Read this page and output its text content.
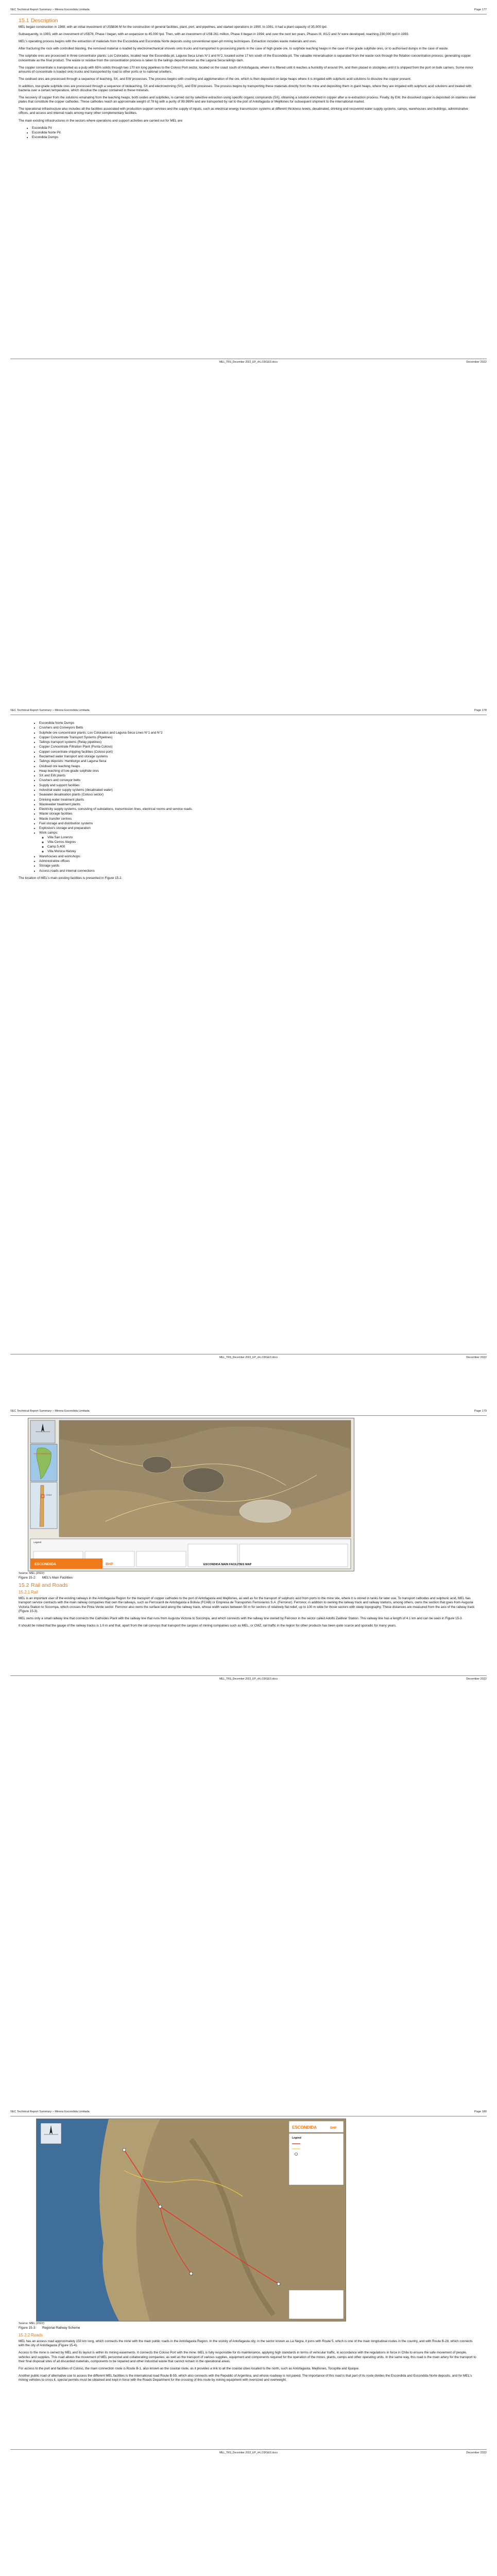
SEC Technical Report Summary – Minera Escondida Limitada	Page 177
15.1 Description

MEL began construction in 1988, with an initial investment of US$836 M for the construction of general facilities, plant, port, and pipelines, and started operations in 1990. In 1991, it had a plant capacity of 35,000 tpd.

Subsequently, in 1993, with an investment of US$76, Phase I began, with an expansion to 45,000 tpd. Then, with an investment of US$ 261 million, Phase II began in 1994; and over the next ten years, Phases III, III1/2 and IV were developed, reaching 230,000 tpd in 1993.

MEL's operating process begins with the extraction of materials from the Escondida and Escondida Norte deposits using conventional open-pit mining techniques. Extraction includes waste materials and ores.

After fracturing the rock with controlled blasting, the removed material is loaded by electromechanical shovels onto trucks and transported to processing plants in the case of high grade ore, to sulphide leaching heaps in the case of low grade sulphide ores, or to authorised dumps in the case of waste.

The sulphide ores are processed in three concentrator plants: Los Colorados, located near the Escondida pit, Laguna Seca Lines N°1 and N°2, located some 17 km south of the Escondida pit. The valuable mineralisation is separated from the waste rock through the flotation concentration process, generating copper concentrate as the final product. The waste or residue from the concentration process is taken to the tailings deposit known as the Laguna Seca tailings dam.

The copper concentrate is transported as a pulp with 65% solids through two 170 km long pipelines to the Coloso Port sector, located on the coast south of Antofagasta, where it is filtered until it reaches a humidity of around 9%, and then placed in stockpiles until it is shipped from the port on bulk carriers. Some minor amounts of concentrate is loaded onto trucks and transported by road to other ports or to national smelters.

The oxidised ores are processed through a sequence of leaching, SX, and EW processes. The process begins with crushing and agglomeration of the ore, which is then deposited on large heaps where it is irrigated with sulphuric acid solutions to dissolve the copper present.

In addition, low-grade sulphide ores are processed through a sequence of bioleaching, SX and electrowinning (SX), and EW processes. The process begins by transporting these materials directly from the mine and depositing them in giant heaps, where they are irrigated with sulphuric acid solutions and treated with bacteria over a certain temperature, which dissolve the copper contained in these minerals.

The recovery of copper from the solutions emanating from the leaching heaps, both oxides and sulphides, is carried out by selective extraction using specific organic compounds (SX), obtaining a solution enriched in copper after a re-extraction process. Finally, by EW, the dissolved copper is deposited on stainless steel plates that constitute the copper cathodes. These cathodes reach an approximate weight of 78 kg with a purity of 99.999% and are transported by rail to the port of Antofagasta or Mejillones for subsequent shipment to the international market.

The operational infrastructure also includes all the facilities associated with production support services and the supply of inputs, such as electrical energy transmission systems at different thickness levels, desalinated, drinking and recovered water supply systems, camps, warehouses and buildings, administrative offices, and access and internal roads among many other complementary facilities.

The main existing infrastructures in the sectors where operations and support activities are carried out for MEL are:

• Escondida Pit
• Escondida Norte Pit
• Escondida Dumps
MEL_TRS_December 2022_EP_rA.LODGED.docx	December 2022
SEC Technical Report Summary – Minera Escondida Limitada	Page 178
• Escondida Norte Dumps
• Crushers and Conveyors Belts
• Sulphide ore concentrator plants: Los Colorados and Laguna Seca Lines N°1 and N°2
• Copper Concentrate Transport Systems (Pipelines)
• Tailings transport systems (Relay pipelines)
• Copper Concentrate Filtration Plant (Punta Coloso)
• Copper concentrate shipping facilities (Coloso port)
• Reclaimed water transport and storage systems
• Tailings deposits: Hamburgo and Laguna Seca
• Oxidised ore leaching heaps
• Heap leaching of low-grade sulphide ores
• SX and EW plants
• Crushers and conveyor belts
• Supply and support facilities
• Industrial water supply systems (desalinated water)
• Seawater desalination plants (Coloso sector)
• Drinking water treatment plants
• Wastewater treatment plants
• Electricity supply systems, consisting of substations, transmission lines, electrical rooms and service roads.
• Waste storage facilities
• Waste transfer centres
• Fuel storage and distribution systems
• Explosive's storage and preparation
• Work camps:
◦ Villa San Lorenzo
◦ Villa Cerros Alegres
◦ Camp 5,400
◦ Villa Monica Harvey
• Warehouses and workshops:
• Administrative offices
• Storage yards
• Access roads and internal connections

The location of MEL's main existing facilities is presented in Figure 15-2.

MEL_TRS_December 2022_EP_rA.LODGED.docx	December 2022
SEC Technical Report Summary – Minera Escondida Limitada	Page 179
SOUTH AMERICA
CHILE
Legend
ESCONDIDA	BHP	ESCONDIDA MAIN FACILITIES MAP
Source: MEL (2022)
Figure 15-2: MEL's Main Facilities
15.2 Rail and Roads
15.2.1 Rail

MEL is an important user of the existing railways in the Antofagasta Region for the transport of copper cathodes to the port of Antofagasta and Mejillones, as well as for the transport of sulphuric acid from ports to the mine site, where it is stored in tanks for later use. To transport cathodes and sulphuric acid, MEL has transport service contracts with the main railway companies that own the railways, such as Ferrocarril de Antofagasta a Bolivia (FCAB) or Empresa de Transportes Ferroviarios S.A. (Ferronor). Ferronor, in addition to owning the railway track and railway stations, among others, owns the section that goes from Augusta Victoria Station to Socompa, which crosses the Pinta Verde sector. Ferronor also owns the surface land along the railway track, whose width varies between 50 m for sectors of relatively flat relief, up to 100 m wide for those sectors with steep topography. These distances are measured from the axis of the railway track (Figure 15-3).

MEL owns only a small railway line that connects the Cathodes Plant with the railway line that runs from Augusta Victoria to Socompa, and which connects with the railway line owned by Ferronor in the sector called Adolfo Zaldivar Station. This railway line has a length of 4.1 km and can be seen in Figure 15-3.

It should be noted that the gauge of the railway tracks is 1.0 m and that, apart from the rail convoys that transport the cargoes of mining companies such as MEL, or CMZ, rail traffic in the region for other products has been quite scarce and sporadic for many years.

MEL_TRS_December 2022_EP_rA.LODGED.docx	December 2022
SEC Technical Report Summary – Minera Escondida Limitada	Page 180
ESCONDIDA	BHP
Legend
Source: MEL (2022)
Figure 15-3: Regional Railway Scheme
15.2.2 Roads

MEL has an access road approximately 150 km long, which connects the mine with the main public roads in the Antofagasta Region. In the vicinity of Antofagasta city, in the sector known as La Negra, it joins with Route 5, which is one of the main longitudinal routes in the country, and with Route B-28, which connects with the city of Antofagasta (Figure 15-4).

Access to the mine is owned by MEL and its layout is within its mining easements. It connects the Coloso Port with the mine. MEL is fully responsible for its maintenance, applying high standards in terms of vehicular traffic, in accordance with the regulations in force in Chile to ensure the safe movement of people, vehicles and supplies. This road allows the movement of MEL personnel and collaborating companies, as well as the transport of various supplies, equipment and components required for the operation of the mines, plants, camps and other operating units. In the same way, this road is the main artery for the transport to their final disposal sites of all discarded materials, components to be repaired and other industrial waste that cannot remain in the operational areas.

For access to the port and facilities of Coloso, the main connection route is Route B-1, also known as the coastal route, as it provides a link to all the coastal cities located to the north, such as Antofagasta, Mejillones, Tocopilla and Iquique.

Another public road of alternative use to access the different MEL facilities is the international road Route B-55, which also connects with the Republic of Argentina, and whose roadway is not paved. The importance of this road is that part of its route divides the Escondida and Escondida Norte deposits, and for MEL's mining vehicles to cross it, special permits must be obtained and kept in force with the Roads Department for the crossing of this route by mining equipment with oversized and overweight.

MEL_TRS_December 2022_EP_rA.LODGED.docx	December 2022
